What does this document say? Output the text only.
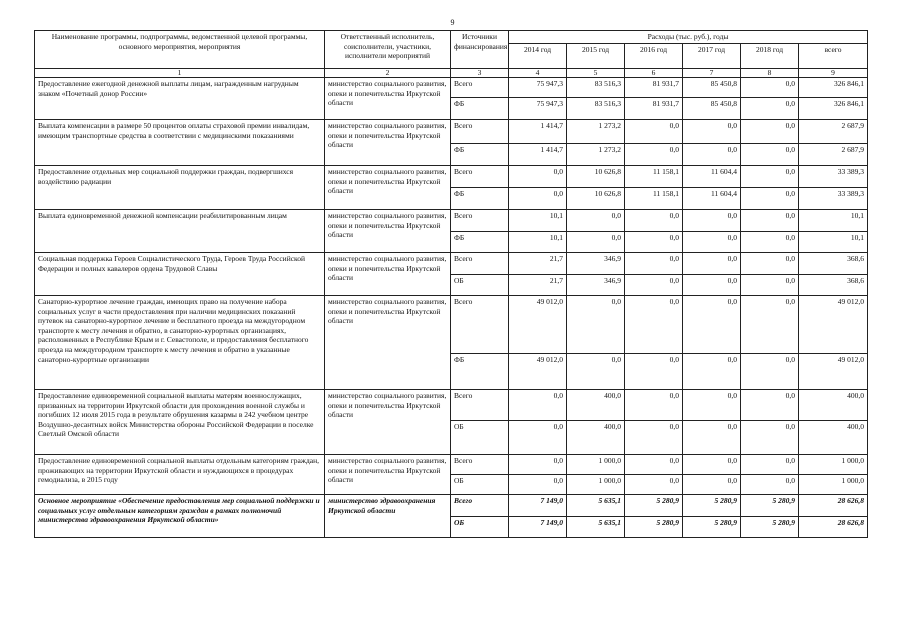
9
Наименование программы, подпрограммы, ведомственной целевой программы, основного мероприятия, мероприятия	Ответственный исполнитель, соисполнители, участники, исполнители мероприятий	Источники финансирования	Расходы (тыс. руб.), годы					
			2014 год	2015 год	2016 год	2017 год	2018 год	всего
1	2	3	4	5	6	7	8	9
Предоставление ежегодной денежной выплаты лицам, награжденным нагрудным знаком «Почетный донор России»	министерство социального развития, опеки и попечительства Иркутской области	Всего	75 947,3	83 516,3	81 931,7	85 450,8	0,0	326 846,1
		ФБ	75 947,3	83 516,3	81 931,7	85 450,8	0,0	326 846,1
Выплата компенсации в размере 50 процентов оплаты страховой премии инвалидам, имеющим транспортные средства в соответствии с медицинскими показаниями	министерство социального развития, опеки и попечительства Иркутской области	Всего	1 414,7	1 273,2	0,0	0,0	0,0	2 687,9
		ФБ	1 414,7	1 273,2	0,0	0,0	0,0	2 687,9
Предоставление отдельных мер социальной поддержки граждан, подвергшихся воздействию радиации	министерство социального развития, опеки и попечительства Иркутской области	Всего	0,0	10 626,8	11 158,1	11 604,4	0,0	33 389,3
		ФБ	0,0	10 626,8	11 158,1	11 604,4	0,0	33 389,3
Выплата единовременной денежной компенсации реабилитированным лицам	министерство социального развития, опеки и попечительства Иркутской области	Всего	10,1	0,0	0,0	0,0	0,0	10,1
		ФБ	10,1	0,0	0,0	0,0	0,0	10,1
Социальная поддержка Героев Социалистического Труда, Героев Труда Российской Федерации и полных кавалеров ордена Трудовой Славы	министерство социального развития, опеки и попечительства Иркутской области	Всего	21,7	346,9	0,0	0,0	0,0	368,6
		ОБ	21,7	346,9	0,0	0,0	0,0	368,6
Санаторно-курортное лечение граждан, имеющих право на получение набора социальных услуг в части предоставления при наличии медицинских показаний путевок на санаторно-курортное лечение и бесплатного проезда на междугородном транспорте к месту лечения и обратно, в санаторно-курортных организациях, расположенных в Республике Крым и г. Севастополе, и предоставления бесплатного проезда на междугородном транспорте к месту лечения и обратно в указанные санаторно-курортные организации	министерство социального развития, опеки и попечительства Иркутской области	Всего	49 012,0	0,0	0,0	0,0	0,0	49 012,0
		ФБ	49 012,0	0,0	0,0	0,0	0,0	49 012,0
Предоставление единовременной социальной выплаты матерям военнослужащих, призванных на территории Иркутской области для прохождения военной службы и погибших 12 июля 2015 года в результате обрушения казармы в 242 учебном центре Воздушно-десантных войск Министерства обороны Российской Федерации в поселке Светлый Омской области	министерство социального развития, опеки и попечительства Иркутской области	Всего	0,0	400,0	0,0	0,0	0,0	400,0
		ОБ	0,0	400,0	0,0	0,0	0,0	400,0
Предоставление единовременной социальной выплаты отдельным категориям граждан, проживающих на территории Иркутской области и нуждающихся в процедурах гемодиализа, в 2015 году	министерство социального развития, опеки и попечительства Иркутской области	Всего	0,0	1 000,0	0,0	0,0	0,0	1 000,0
		ОБ	0,0	1 000,0	0,0	0,0	0,0	1 000,0
Основное мероприятие «Обеспечение предоставления мер социальной поддержки и социальных услуг отдельным категориям граждан в рамках полномочий министерства здравоохранения Иркутской области»	министерство здравоохранения Иркутской области	Всего	7 149,0	5 635,1	5 280,9	5 280,9	5 280,9	28 626,8
		ОБ	7 149,0	5 635,1	5 280,9	5 280,9	5 280,9	28 626,8
